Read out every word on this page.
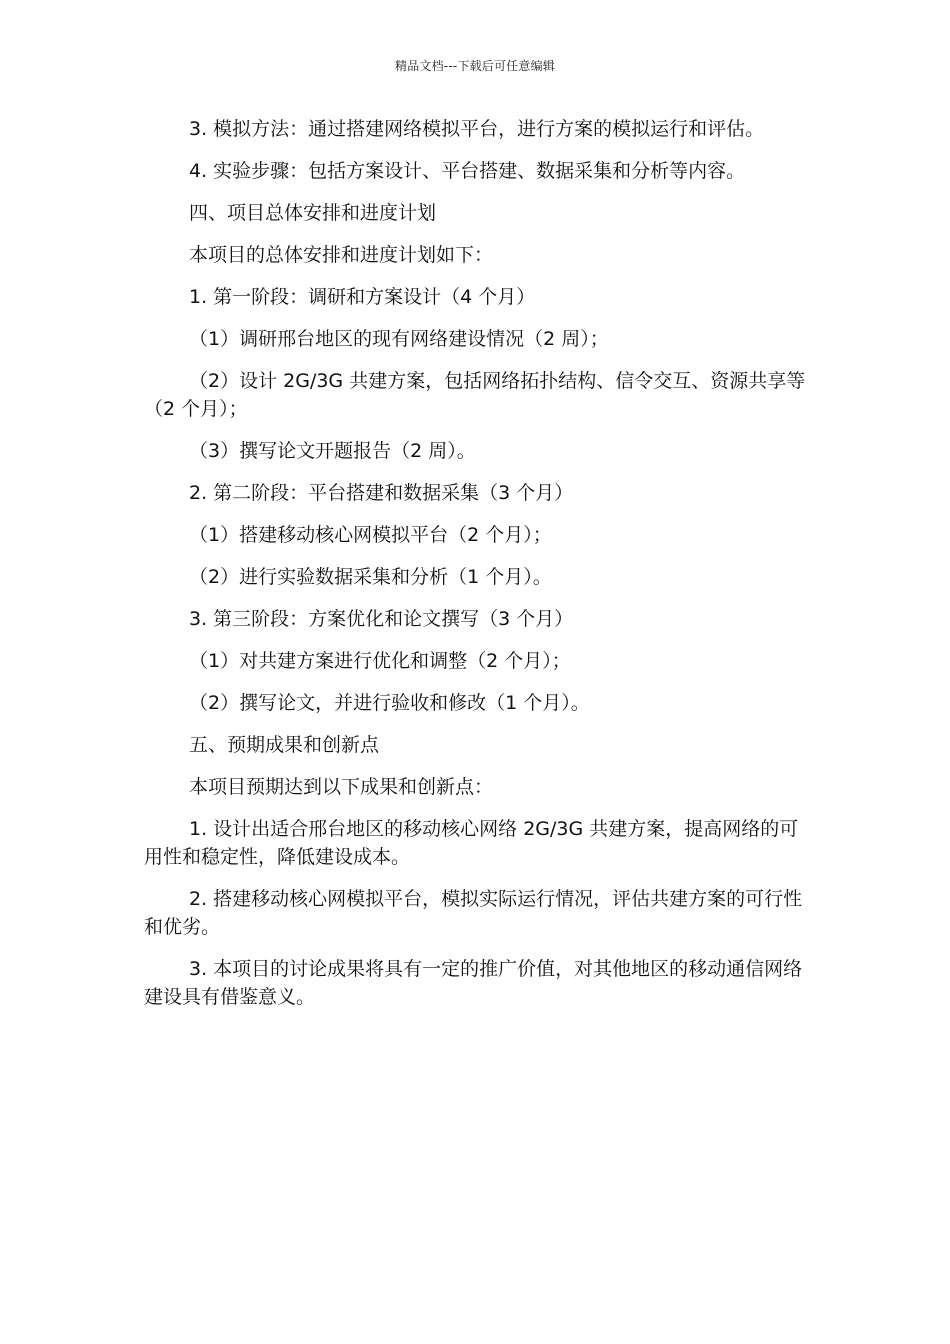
精品文档---下载后可任意编辑

3. 模拟方法：通过搭建网络模拟平台，进行方案的模拟运行和评估。

4. 实验步骤：包括方案设计、平台搭建、数据采集和分析等内容。

四、项目总体安排和进度计划

本项目的总体安排和进度计划如下：

1. 第一阶段：调研和方案设计（4 个月）

（1）调研邢台地区的现有网络建设情况（2 周）；

（2）设计 2G/3G 共建方案，包括网络拓扑结构、信令交互、资源共享等（2 个月）；

（3）撰写论文开题报告（2 周）。

2. 第二阶段：平台搭建和数据采集（3 个月）

（1）搭建移动核心网模拟平台（2 个月）；

（2）进行实验数据采集和分析（1 个月）。

3. 第三阶段：方案优化和论文撰写（3 个月）

（1）对共建方案进行优化和调整（2 个月）；

（2）撰写论文，并进行验收和修改（1 个月）。

五、预期成果和创新点

本项目预期达到以下成果和创新点：

1. 设计出适合邢台地区的移动核心网络 2G/3G 共建方案，提高网络的可用性和稳定性，降低建设成本。

2. 搭建移动核心网模拟平台，模拟实际运行情况，评估共建方案的可行性和优劣。

3. 本项目的讨论成果将具有一定的推广价值，对其他地区的移动通信网络建设具有借鉴意义。
